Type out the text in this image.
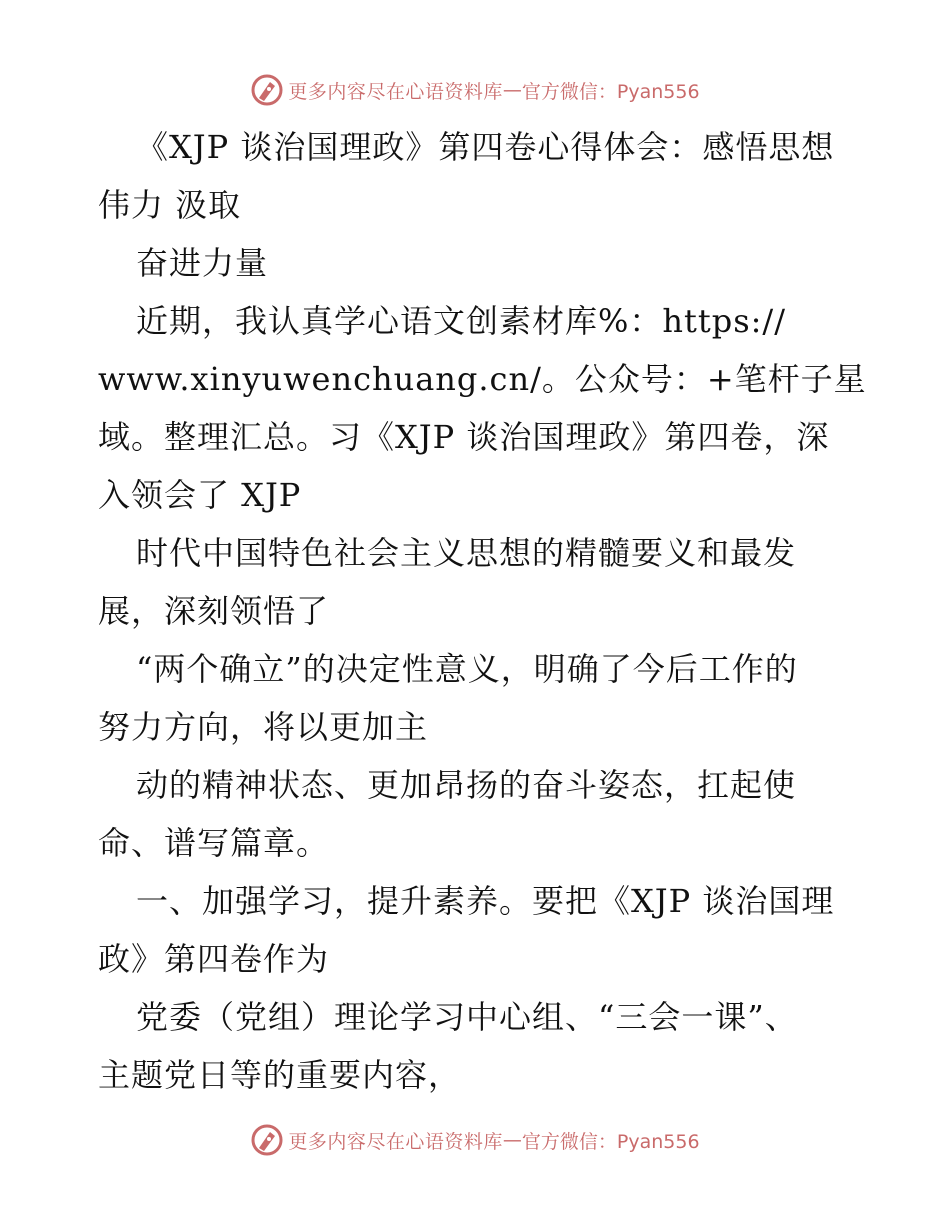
更多内容尽在心语资料库 — 官方微信：Pyan556
《XJP 谈治国理政》第四卷心得体会：感悟思想
伟力 汲取
奋进力量
近期，我认真学心语文创素材库%：https://
www.xinyuwenchuang.cn/。公众号：+笔杆子星
域。整理汇总。习《XJP 谈治国理政》第四卷，深
入领会了 XJP
时代中国特色社会主义思想的精髓要义和最发
展，深刻领悟了
“两个确立”的决定性意义，明确了今后工作的
努力方向，将以更加主
动的精神状态、更加昂扬的奋斗姿态，扛起使
命、谱写篇章。
一、加强学习，提升素养。要把《XJP 谈治国理
政》第四卷作为
党委（党组）理论学习中心组、“三会一课”、
主题党日等的重要内容，
更多内容尽在心语资料库 — 官方微信：Pyan556
